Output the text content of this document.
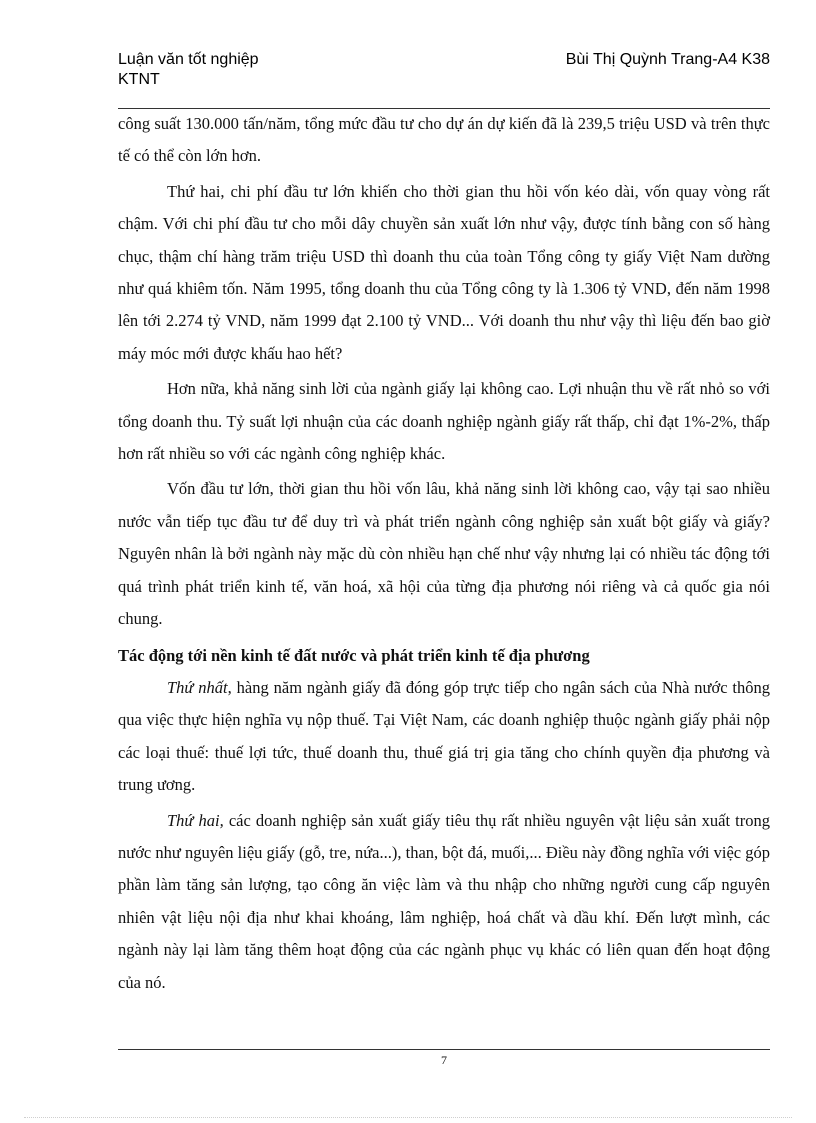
Luận văn tốt nghiệp
KTNT
Bùi Thị Quỳnh Trang-A4 K38

công suất 130.000 tấn/năm, tổng mức đầu tư cho dự án dự kiến đã là 239,5 triệu USD và trên thực tế có thể còn lớn hơn.

Thứ hai, chi phí đầu tư lớn khiến cho thời gian thu hồi vốn kéo dài, vốn quay vòng rất chậm. Với chi phí đầu tư cho mỗi dây chuyền sản xuất lớn như vậy, được tính bằng con số hàng chục, thậm chí hàng trăm triệu USD thì doanh thu của toàn Tổng công ty giấy Việt Nam dường như quá khiêm tốn. Năm 1995, tổng doanh thu của Tổng công ty là 1.306 tỷ VND, đến năm 1998 lên tới 2.274 tỷ VND, năm 1999 đạt 2.100 tỷ VND... Với doanh thu như vậy thì liệu đến bao giờ máy móc mới được khấu hao hết?

Hơn nữa, khả năng sinh lời của ngành giấy lại không cao. Lợi nhuận thu về rất nhỏ so với tổng doanh thu. Tỷ suất lợi nhuận của các doanh nghiệp ngành giấy rất thấp, chỉ đạt 1%-2%, thấp hơn rất nhiều so với các ngành công nghiệp khác.

Vốn đầu tư lớn, thời gian thu hồi vốn lâu, khả năng sinh lời không cao, vậy tại sao nhiều nước vẫn tiếp tục đầu tư để duy trì và phát triển ngành công nghiệp sản xuất bột giấy và giấy? Nguyên nhân là bởi ngành này mặc dù còn nhiều hạn chế như vậy nhưng lại có nhiều tác động tới quá trình phát triển kinh tế, văn hoá, xã hội của từng địa phương nói riêng và cả quốc gia nói chung.

Tác động tới nền kinh tế đất nước và phát triển kinh tế địa phương

Thứ nhất, hàng năm ngành giấy đã đóng góp trực tiếp cho ngân sách của Nhà nước thông qua việc thực hiện nghĩa vụ nộp thuế. Tại Việt Nam, các doanh nghiệp thuộc ngành giấy phải nộp các loại thuế: thuế lợi tức, thuế doanh thu, thuế giá trị gia tăng cho chính quyền địa phương và trung ương.

Thứ hai, các doanh nghiệp sản xuất giấy tiêu thụ rất nhiều nguyên vật liệu sản xuất trong nước như nguyên liệu giấy (gỗ, tre, nứa...), than, bột đá, muối,... Điều này đồng nghĩa với việc góp phần làm tăng sản lượng, tạo công ăn việc làm và thu nhập cho những người cung cấp nguyên nhiên vật liệu nội địa như khai khoáng, lâm nghiệp, hoá chất và dầu khí. Đến lượt mình, các ngành này lại làm tăng thêm hoạt động của các ngành phục vụ khác có liên quan đến hoạt động của nó.

7
